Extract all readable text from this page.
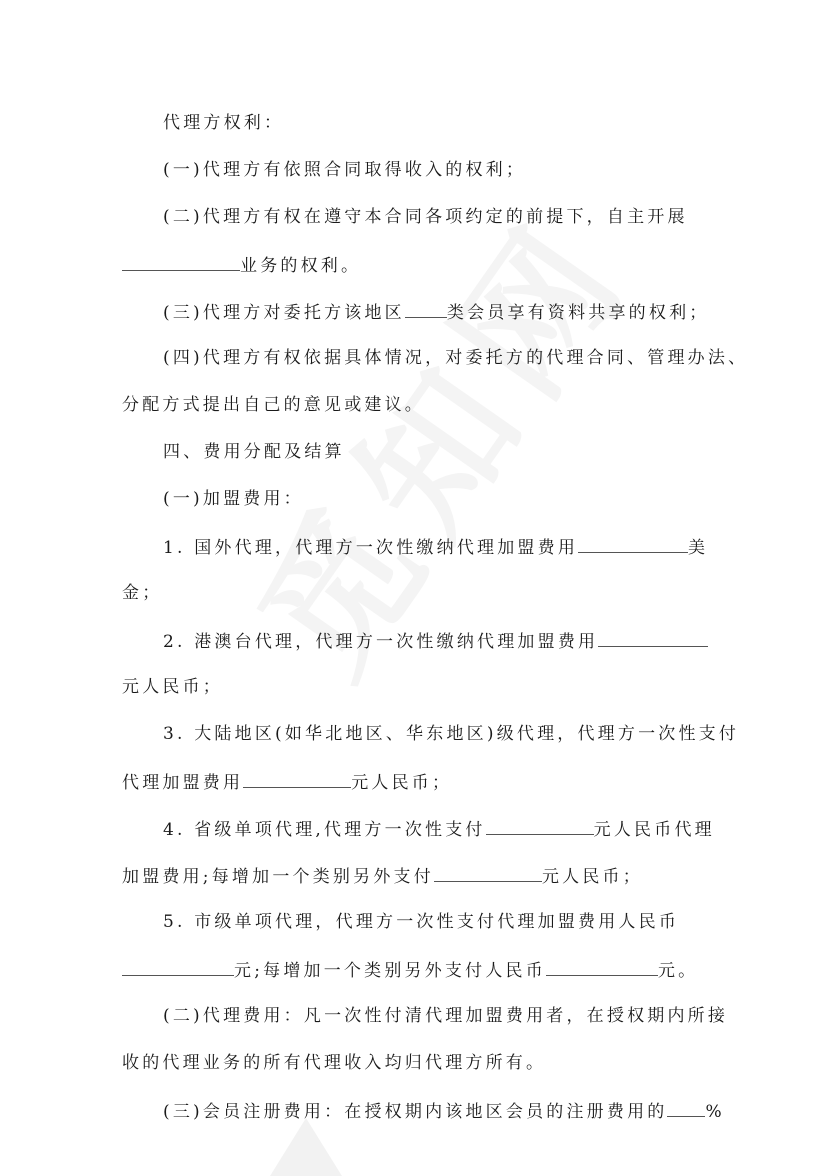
代理方权利：
(一)代理方有依照合同取得收入的权利；
(二)代理方有权在遵守本合同各项约定的前提下，自主开展
业务的权利。
(三)代理方对委托方该地区 类会员享有资料共享的权利；
(四)代理方有权依据具体情况，对委托方的代理合同、管理办法、
分配方式提出自己的意见或建议。
四、费用分配及结算
(一)加盟费用：
1. 国外代理，代理方一次性缴纳代理加盟费用	美
金；
2. 港澳台代理，代理方一次性缴纳代理加盟费用
元人民币；
3. 大陆地区(如华北地区、华东地区)级代理，代理方一次性支付
代理加盟费用	元人民币；
4. 省级单项代理,代理方一次性支付	元人民币代理
加盟费用;每增加一个类别另外支付	元人民币；
5. 市级单项代理，代理方一次性支付代理加盟费用人民币
元;每增加一个类别另外支付人民币	元。
(二)代理费用：凡一次性付清代理加盟费用者，在授权期内所接
收的代理业务的所有代理收入均归代理方所有。
(三)会员注册费用：在授权期内该地区会员的注册费用的 %
